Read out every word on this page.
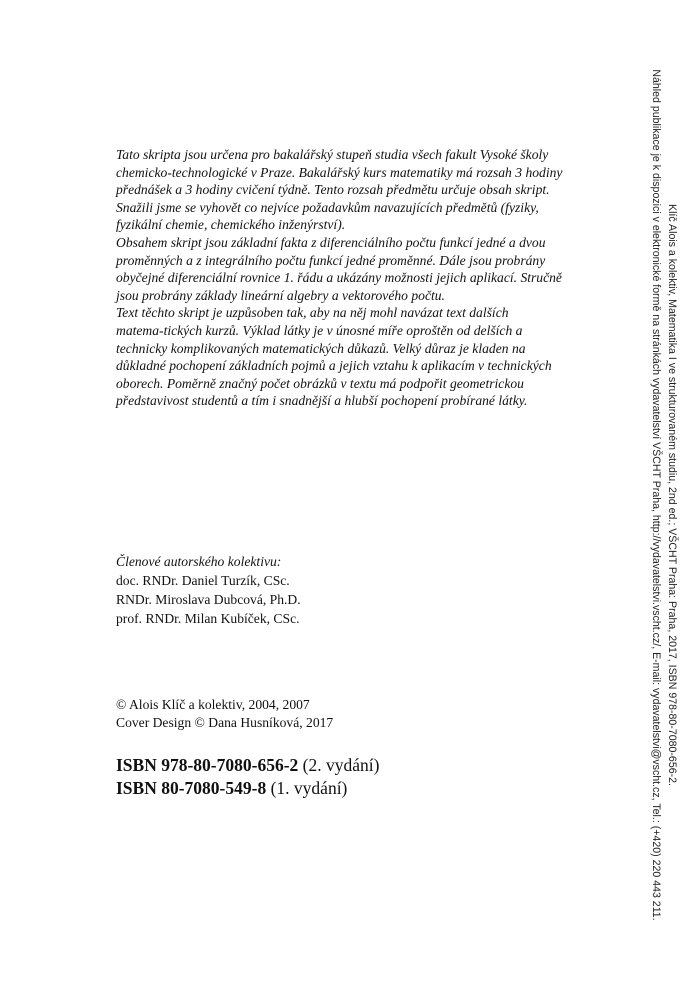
Tato skripta jsou určena pro bakalářský stupeň studia všech fakult Vysoké školy

chemicko-technologické v Praze. Bakalářský kurs matematiky má rozsah 3 hodiny

přednášek a 3 hodiny cvičení týdně. Tento rozsah předmětu určuje obsah skript.

Snažili jsme se vyhovět co nejvíce požadavkům navazujících předmětů (fyziky,

fyzikální chemie, chemického inženýrství).

Obsahem skript jsou základní fakta z diferenciálního počtu funkcí jedné a dvou

proměnných a z integrálního počtu funkcí jedné proměnné. Dále jsou probrány

obyčejné diferenciální rovnice 1. řádu a ukázány možnosti jejich aplikací. Stručně

jsou probrány základy lineární algebry a vektorového počtu.

Text těchto skript je uzpůsoben tak, aby na něj mohl navázat text dalších

matema-tických kurzů. Výklad látky je v únosné míře oproštěn od delších a

technicky komplikovaných matematických důkazů. Velký důraz je kladen na

důkladné pochopení základních pojmů a jejich vztahu k aplikacím v technických

oborech. Poměrně značný počet obrázků v textu má podpořit geometrickou

představivost studentů a tím i snadnější a hlubší pochopení probírané látky.

Členové autorského kolektivu:
doc. RNDr. Daniel Turzík, CSc.
RNDr. Miroslava Dubcová, Ph.D.
prof. RNDr. Milan Kubíček, CSc.
© Alois Klíč a kolektiv, 2004, 2007
Cover Design © Dana Husníková, 2017
ISBN 978-80-7080-656-2 (2. vydání)
ISBN 80-7080-549-8 (1. vydání)
Klíč Alois a kolektiv, Matematika I ve strukturovaném studiu, 2nd ed.; VŠCHT Praha: Praha, 2017, ISBN 978-80-7080-656-2.
Náhled publikace je k dispozici v elektronické formě na stránkách vydavatelství VŠCHT Praha, http://vydavatelstvi.vscht.cz/, E-mail: vydavatelstvi@vscht.cz, Tel.: (+420) 220 443 211.
